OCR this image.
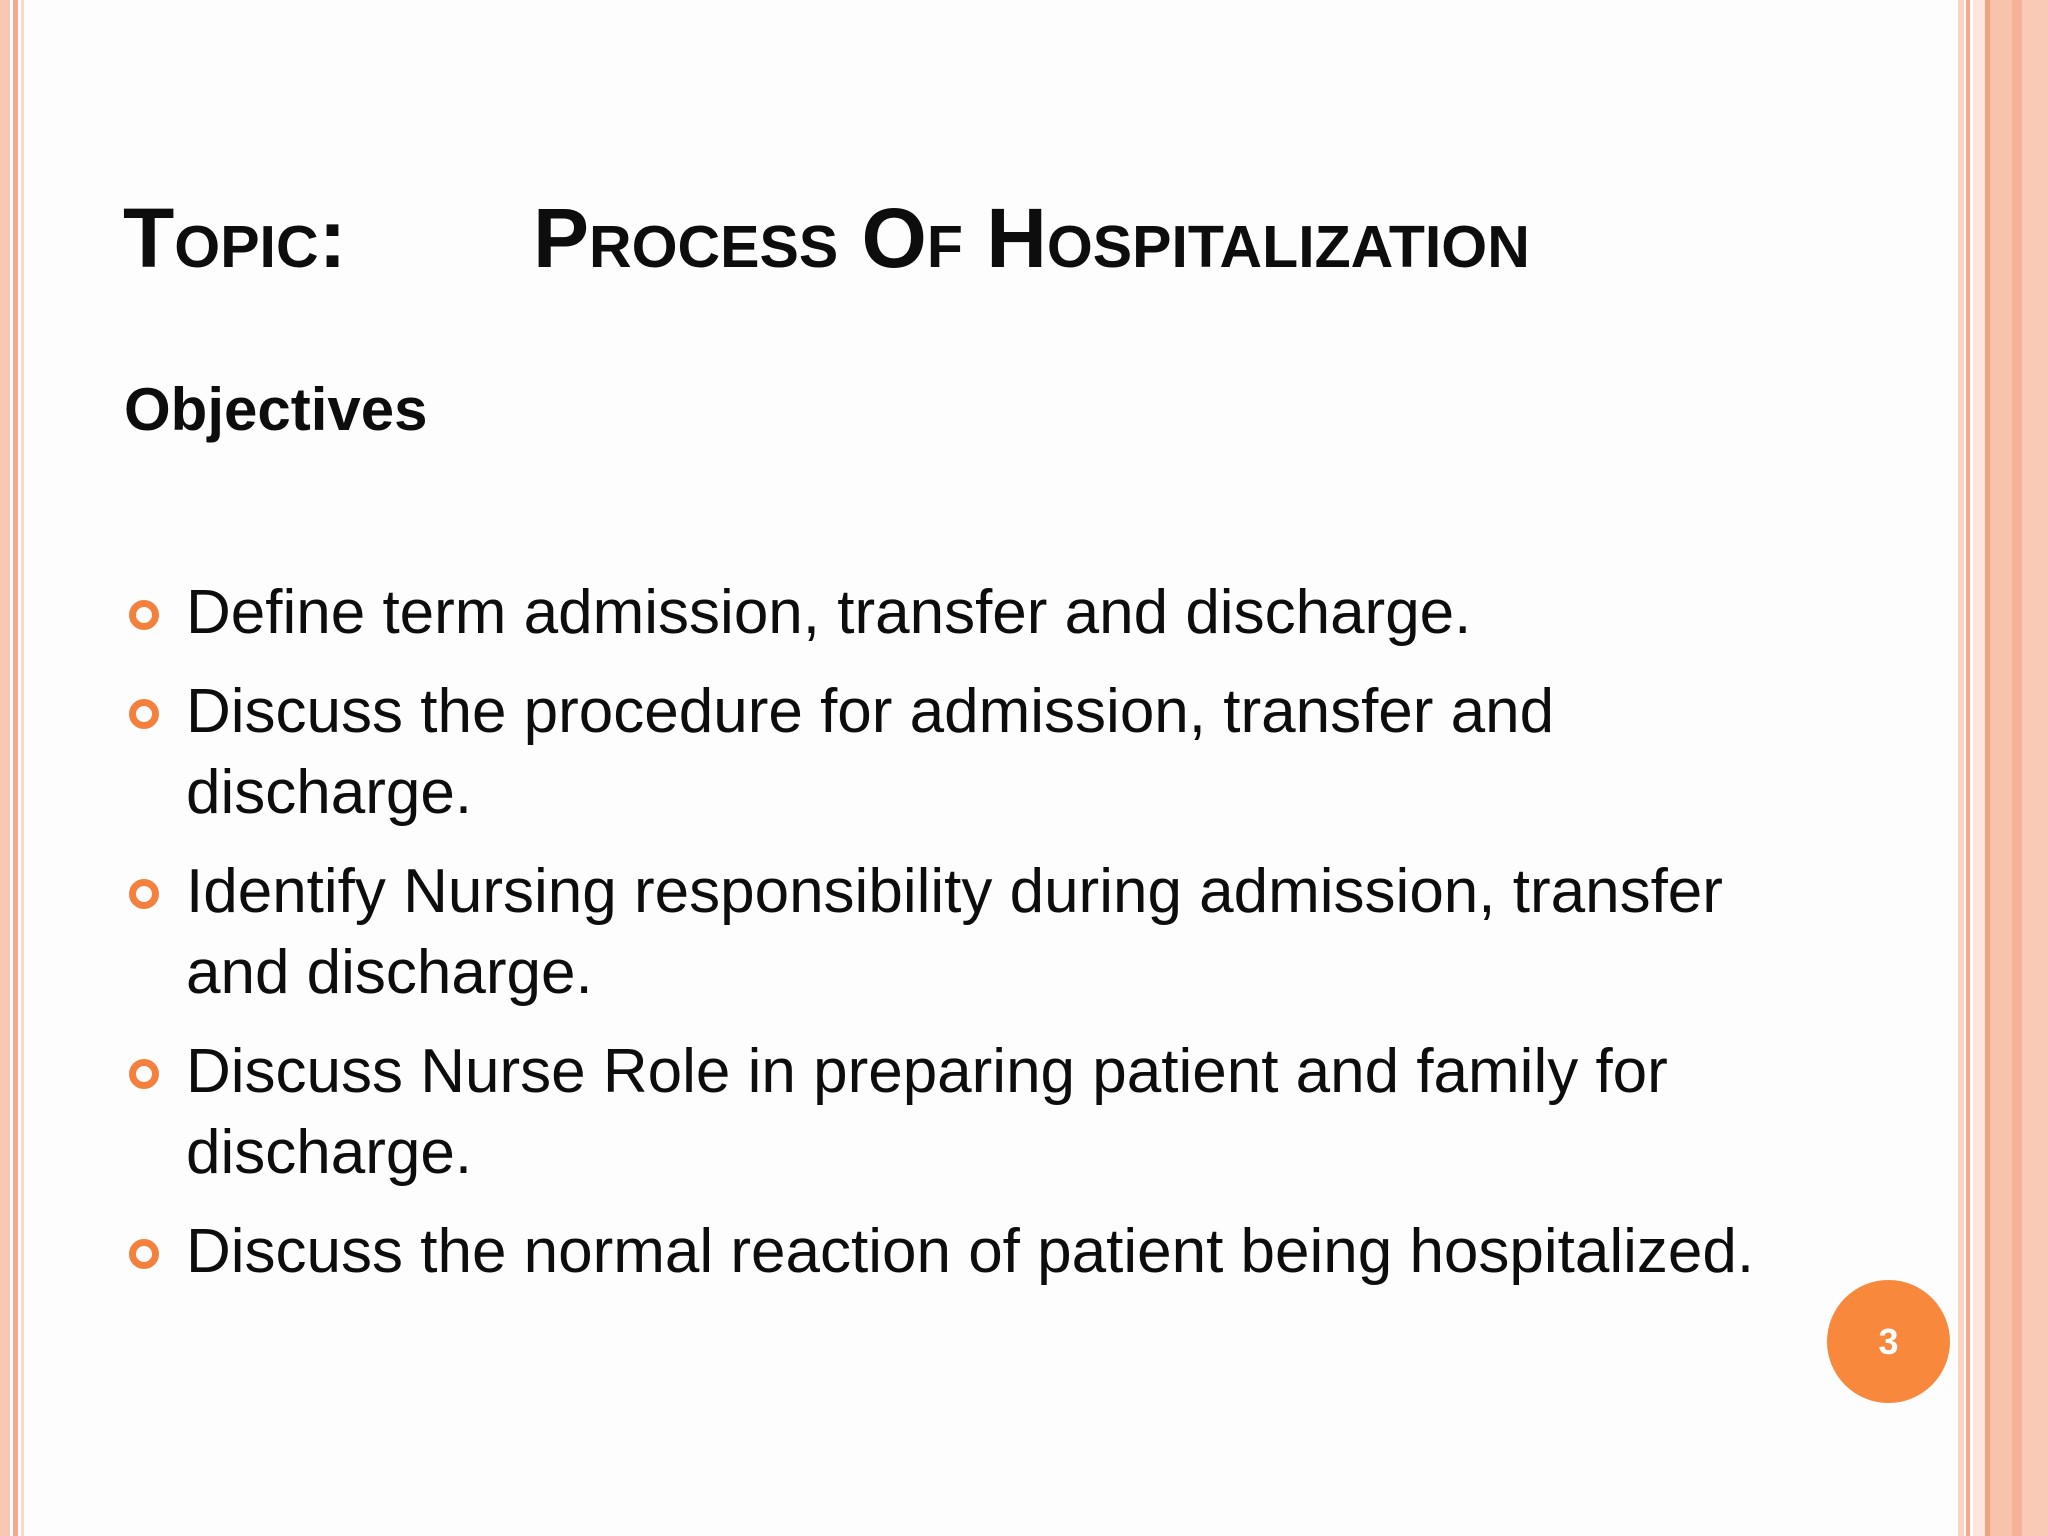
Topic: Process Of Hospitalization
Objectives
Define term admission, transfer and discharge.
Discuss the procedure for admission, transfer and discharge.
Identify Nursing responsibility during admission, transfer and discharge.
Discuss Nurse Role in preparing patient and family for discharge.
Discuss the normal reaction of patient being hospitalized.
3
